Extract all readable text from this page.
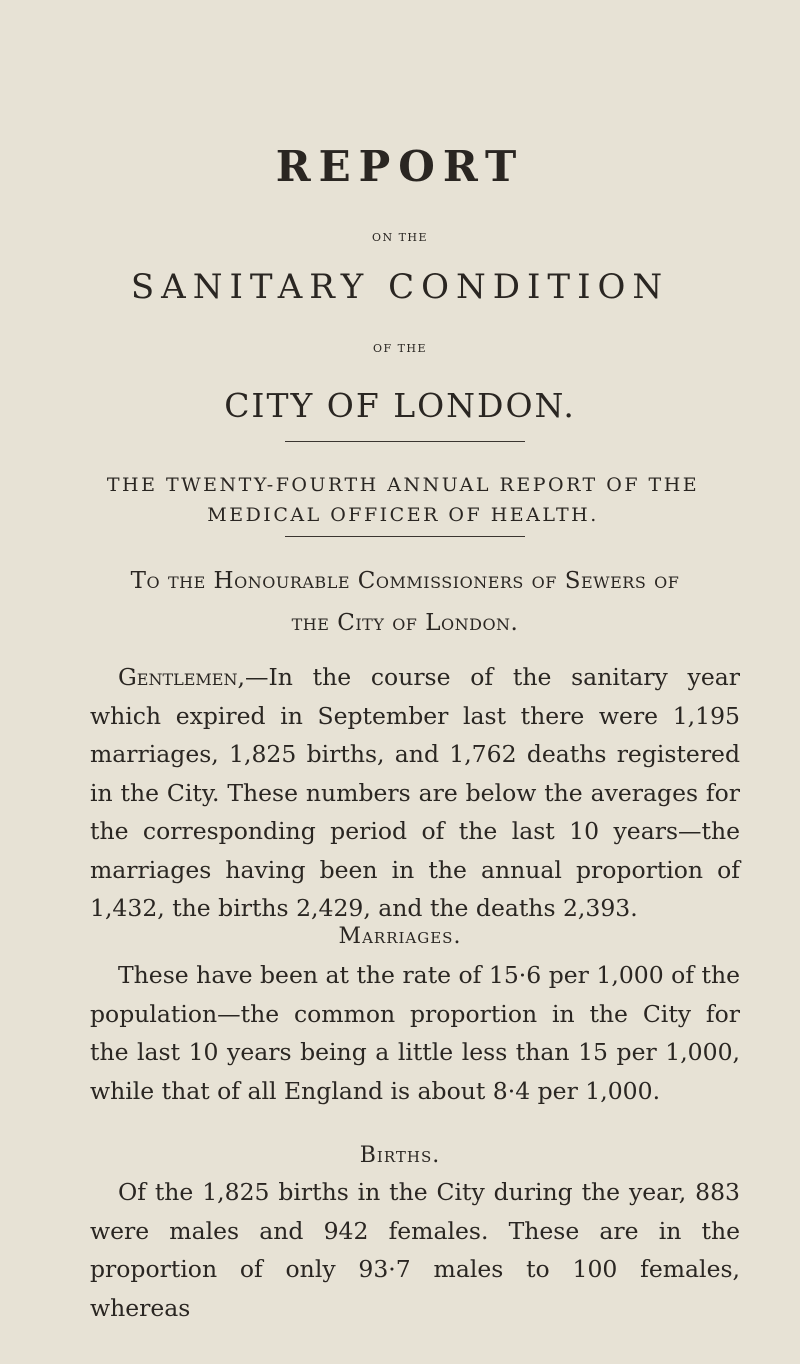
REPORT
ON THE
SANITARY CONDITION
OF THE
CITY OF LONDON.
THE TWENTY-FOURTH ANNUAL REPORT OF THE MEDICAL OFFICER OF HEALTH.
To the Honourable Commissioners of Sewers of
the City of London.
Gentlemen,—In the course of the sanitary year which expired in September last there were 1,195 marriages, 1,825 births, and 1,762 deaths registered in the City. These numbers are below the averages for the corresponding period of the last 10 years—the marriages having been in the annual proportion of 1,432, the births 2,429, and the deaths 2,393.
Marriages.
These have been at the rate of 15·6 per 1,000 of the population—the common proportion in the City for the last 10 years being a little less than 15 per 1,000, while that of all England is about 8·4 per 1,000.
Births.
Of the 1,825 births in the City during the year, 883 were males and 942 females. These are in the proportion of only 93·7 males to 100 females, whereas
